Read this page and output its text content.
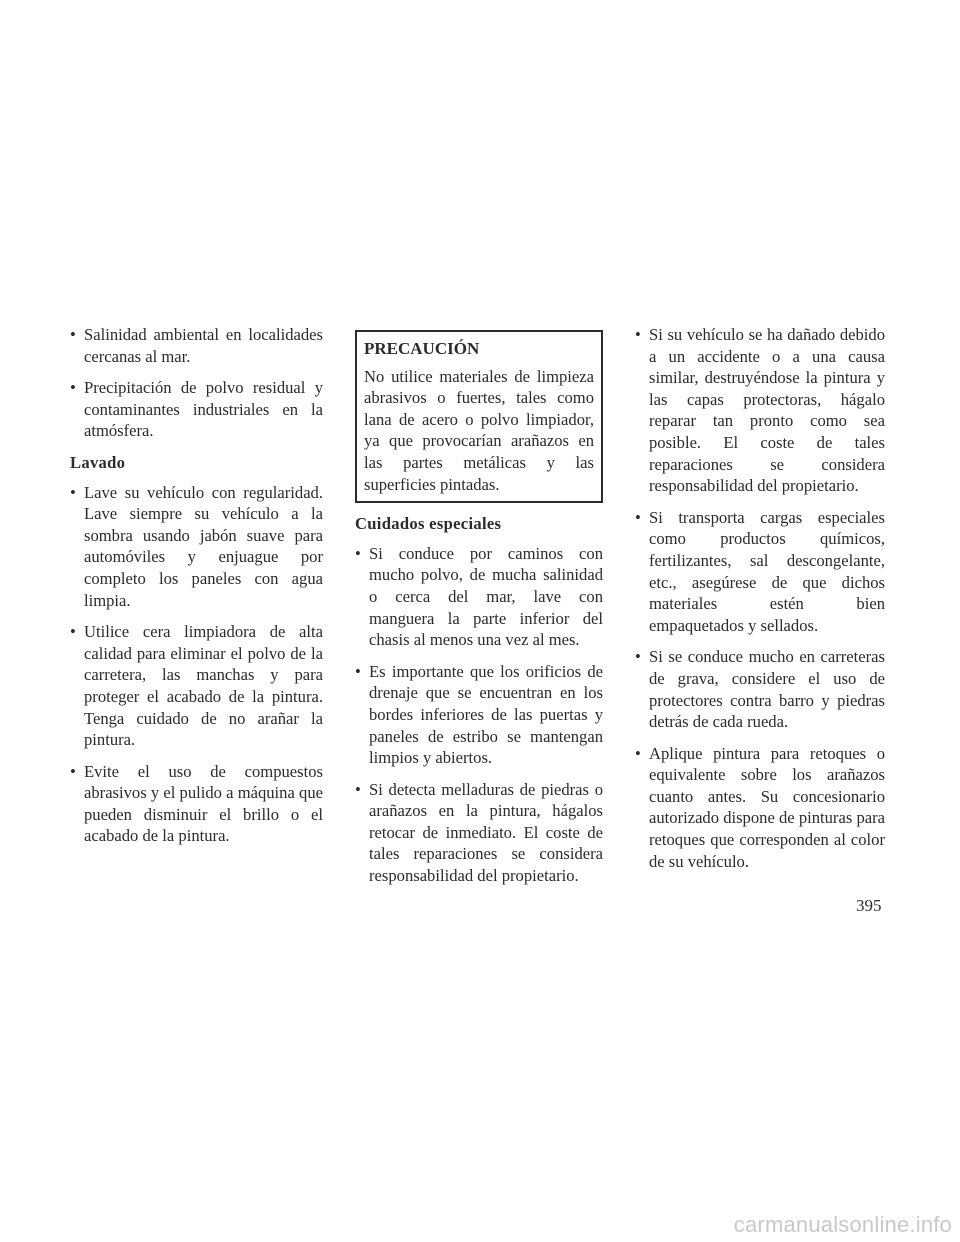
• Salinidad ambiental en localidades cercanas al mar.
• Precipitación de polvo residual y contaminantes industriales en la atmósfera.
Lavado
• Lave su vehículo con regularidad. Lave siempre su vehículo a la sombra usando jabón suave para automóviles y enjuague por completo los paneles con agua limpia.
• Utilice cera limpiadora de alta calidad para eliminar el polvo de la carretera, las manchas y para proteger el acabado de la pintura. Tenga cuidado de no arañar la pintura.
• Evite el uso de compuestos abrasivos y el pulido a máquina que pueden disminuir el brillo o el acabado de la pintura.
PRECAUCIÓN
No utilice materiales de limpieza abrasivos o fuertes, tales como lana de acero o polvo limpiador, ya que provocarían arañazos en las partes metálicas y las superficies pintadas.
Cuidados especiales
• Si conduce por caminos con mucho polvo, de mucha salinidad o cerca del mar, lave con manguera la parte inferior del chasis al menos una vez al mes.
• Es importante que los orificios de drenaje que se encuentran en los bordes inferiores de las puertas y paneles de estribo se mantengan limpios y abiertos.
• Si detecta melladuras de piedras o arañazos en la pintura, hágalos retocar de inmediato. El coste de tales reparaciones se considera responsabilidad del propietario.
• Si su vehículo se ha dañado debido a un accidente o a una causa similar, destruyéndose la pintura y las capas protectoras, hágalo reparar tan pronto como sea posible. El coste de tales reparaciones se considera responsabilidad del propietario.
• Si transporta cargas especiales como productos químicos, fertilizantes, sal descongelante, etc., asegúrese de que dichos materiales estén bien empaquetados y sellados.
• Si se conduce mucho en carreteras de grava, considere el uso de protectores contra barro y piedras detrás de cada rueda.
• Aplique pintura para retoques o equivalente sobre los arañazos cuanto antes. Su concesionario autorizado dispone de pinturas para retoques que corresponden al color de su vehículo.
395
carmanualsonline.info
